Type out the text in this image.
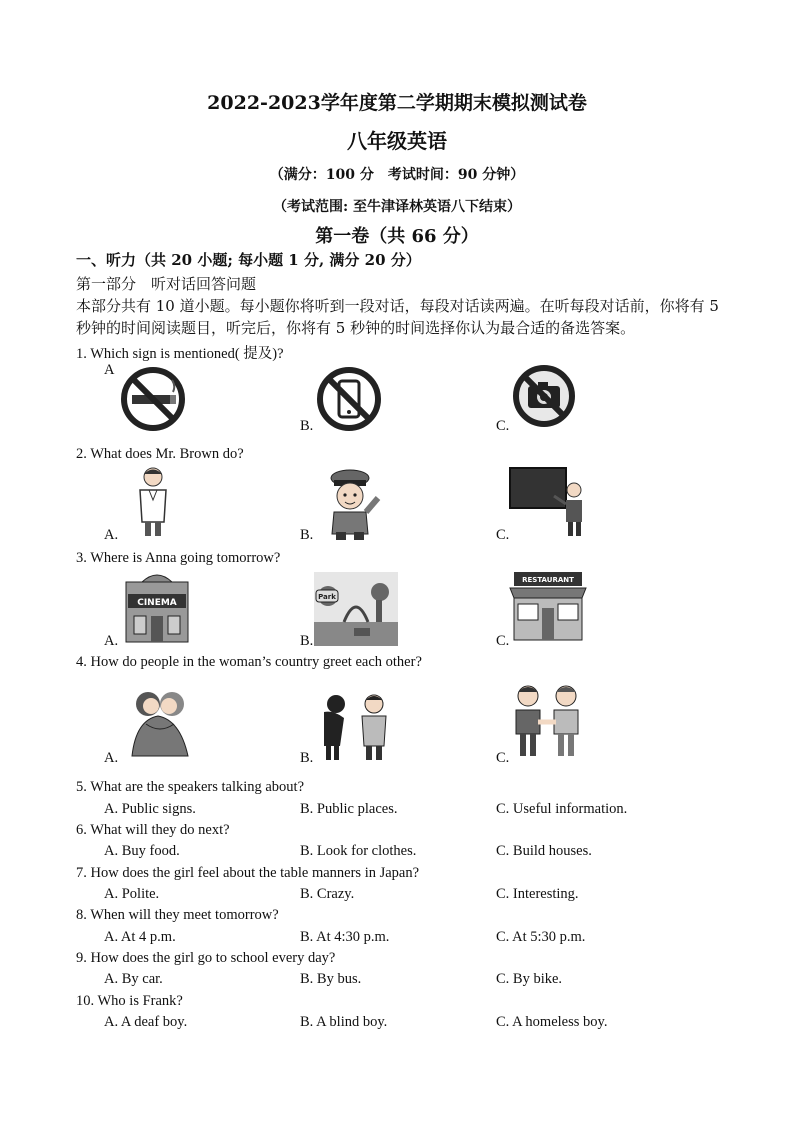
2022-2023学年度第二学期期末模拟测试卷
八年级英语
（满分：100 分　考试时间：90 分钟）
（考试范围: 至牛津译林英语八下结束）
第一卷（共 66 分）
一、听力（共 20 小题; 每小题 1 分, 满分 20 分）
第一部分　听对话回答问题
本部分共有 10 道小题。每小题你将听到一段对话，每段对话读两遍。在听每段对话前，你将有 5 秒钟的时间阅读题目，听完后，你将有 5 秒钟的时间选择你认为最合适的备选答案。
1. Which sign is mentioned( 提及)?
A
B.	C.
2. What does Mr. Brown do?
A.	B.	C.
3. Where is Anna going tomorrow?
A.	B.	C.
CINEMA
Park
RESTAURANT
4. How do people in the woman’s country greet each other?
A.	B.	C.
5. What are the speakers talking about?
A. Public signs.	B. Public places.	C. Useful information.
6. What will they do next?
A. Buy food.	B. Look for clothes.	C. Build houses.
7. How does the girl feel about the table manners in Japan?
A. Polite.	B. Crazy.	C. Interesting.
8. When will they meet tomorrow?
A. At 4 p.m.	B. At 4:30 p.m.	C. At 5:30 p.m.
9. How does the girl go to school every day?
A. By car.	B. By bus.	C. By bike.
10. Who is Frank?
A. A deaf boy.	B. A blind boy.	C. A homeless boy.
